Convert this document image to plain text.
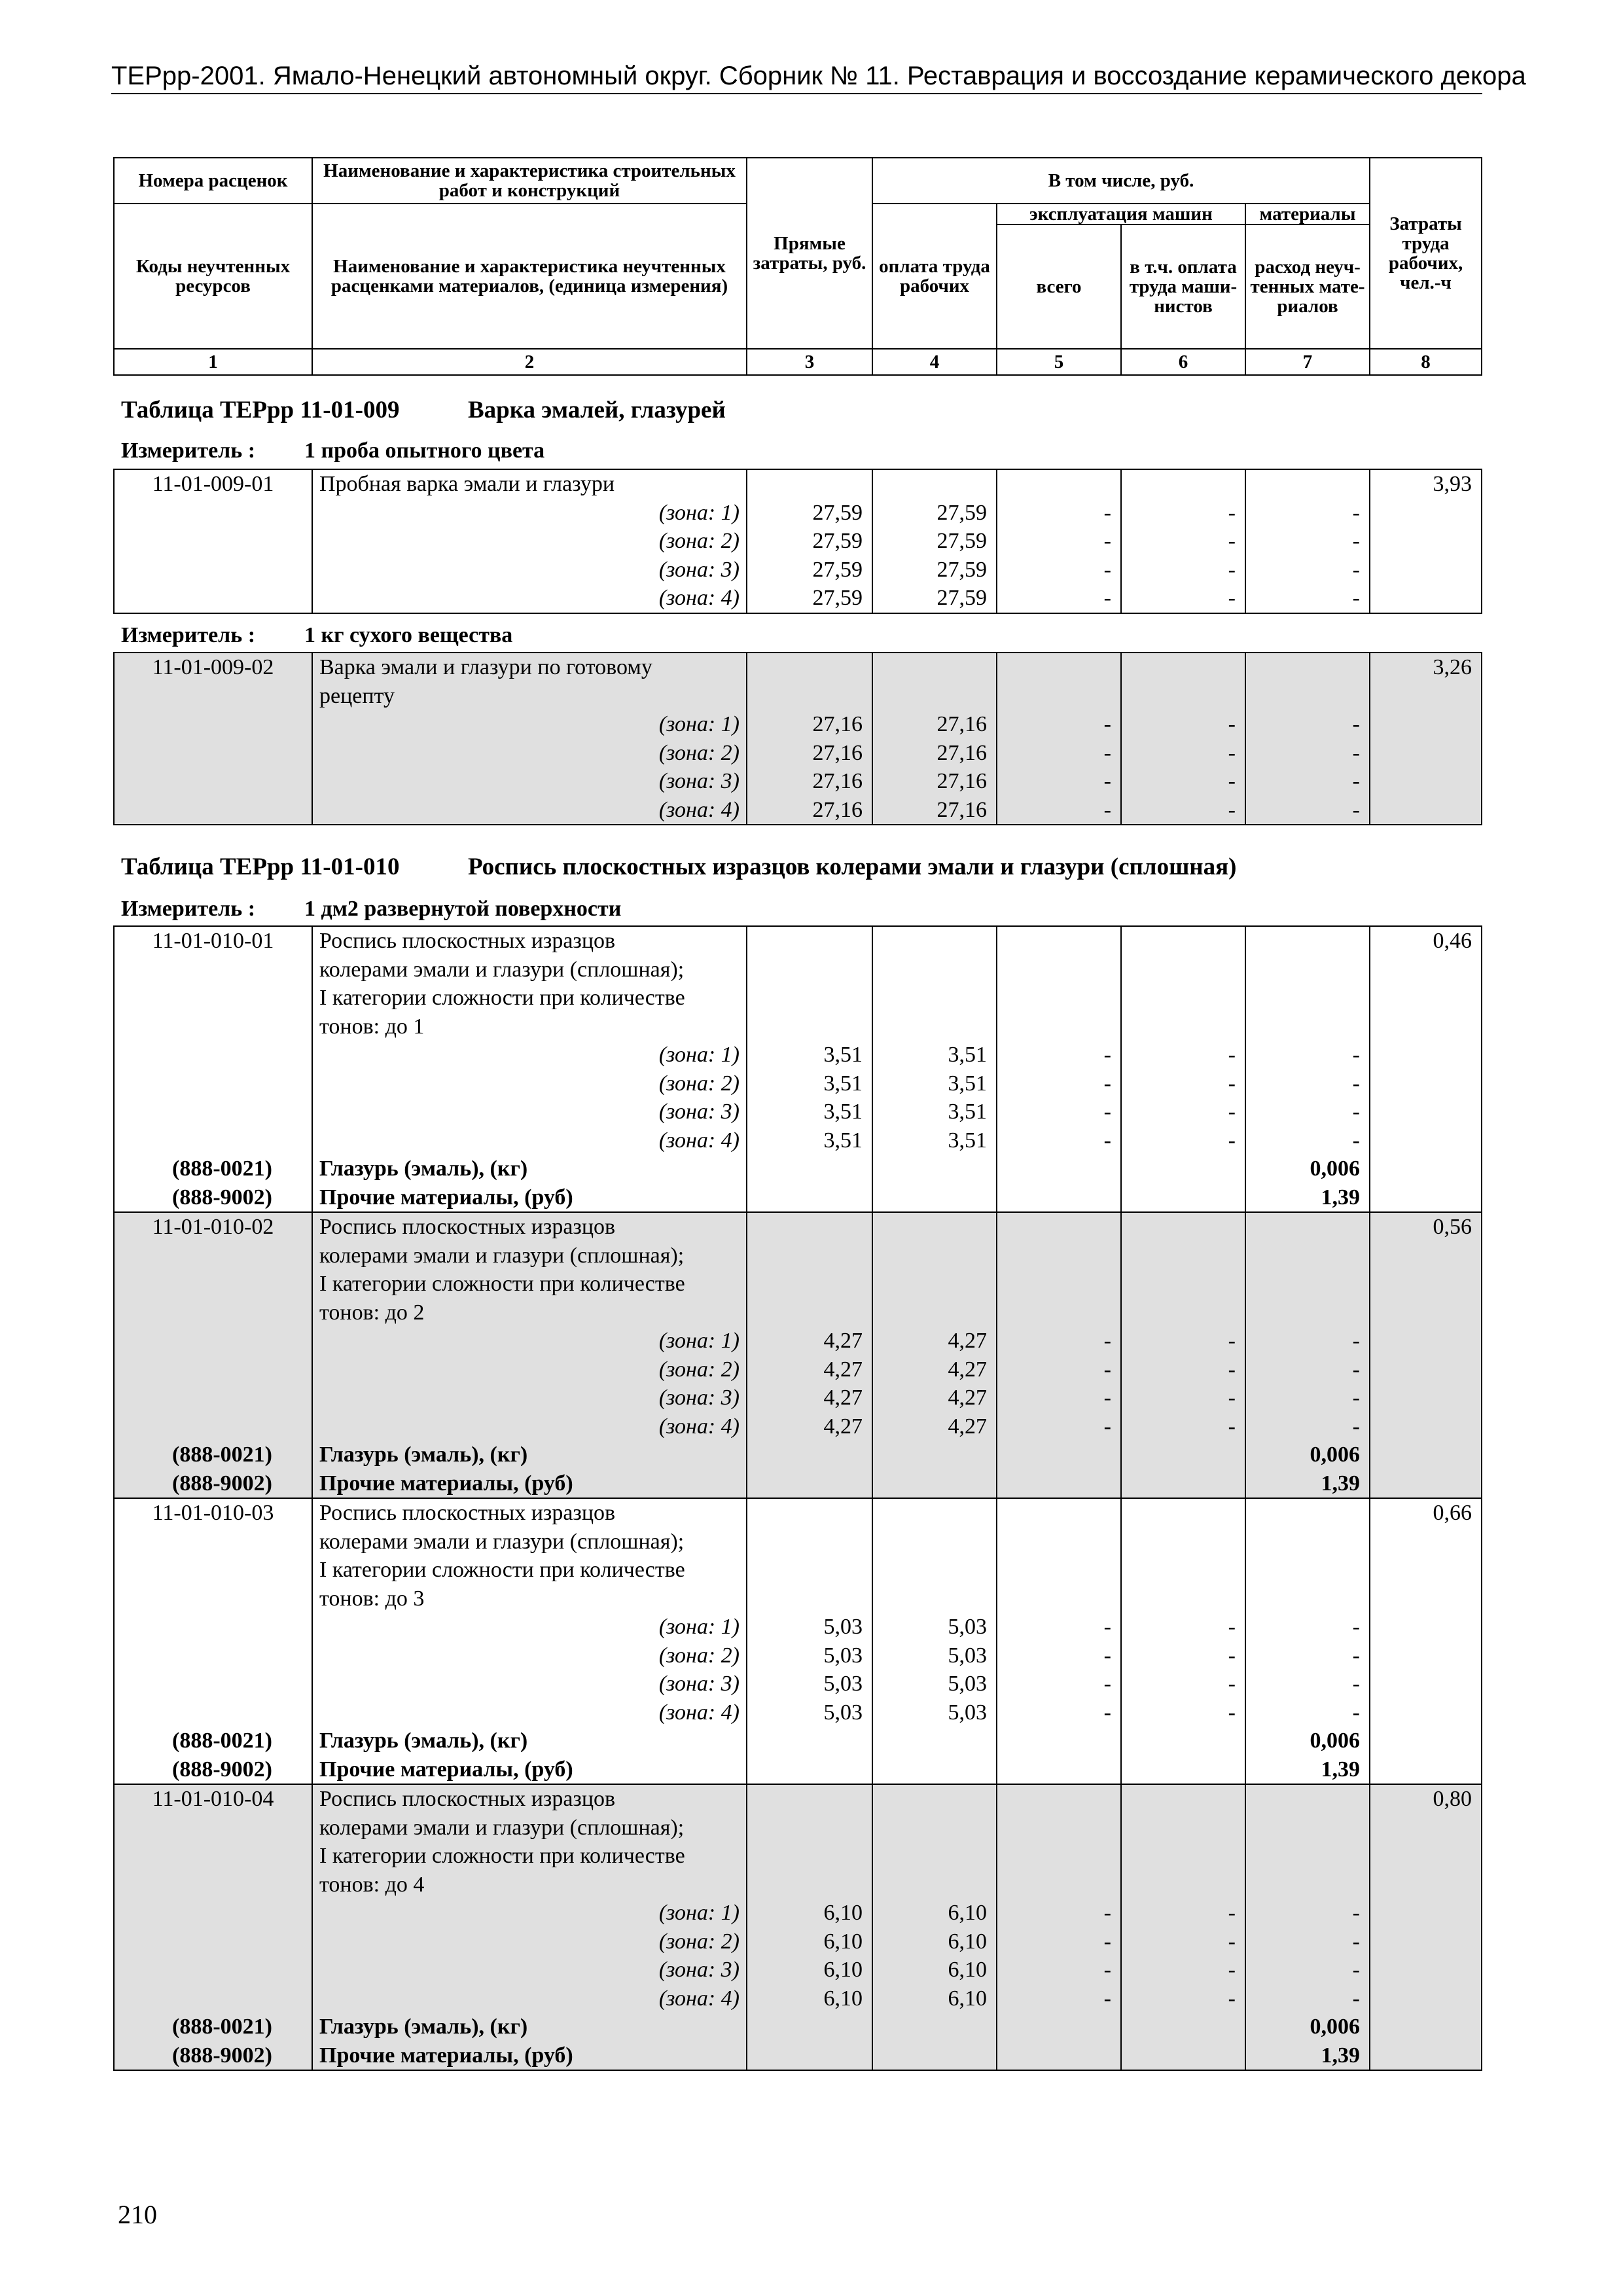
ТЕРрр-2001. Ямало-Ненецкий автономный округ. Сборник № 11. Реставрация и воссоздание керамического декора
Номера расценок	Наименование и характеристика строительных работ и конструкций	Прямые затраты, руб.	В том числе, руб.				Затраты труда рабочих, чел.-ч
Коды неучтенных ресурсов	Наименование и характеристика неучтенных расценками материалов, (единица измерения)		оплата труда рабочих	эксплуатация машин		материалы	
				всего	в т.ч. оплата труда маши-нистов	расход неуч-тенных мате-риалов	
1	2	3	4	5	6	7	8
Таблица ТЕРрр 11-01-009	Варка эмалей, глазурей
Измеритель : 1 проба опытного цвета
11-01-009-01	Пробная варка эмали и глазури						3,93
	(зона: 1)	27,59	27,59	-	-	-	
	(зона: 2)	27,59	27,59	-	-	-	
	(зона: 3)	27,59	27,59	-	-	-	
	(зона: 4)	27,59	27,59	-	-	-	
Измеритель : 1 кг сухого вещества
11-01-009-02	Варка эмали и глазури по готовому						3,26
	рецепту						
	(зона: 1)	27,16	27,16	-	-	-	
	(зона: 2)	27,16	27,16	-	-	-	
	(зона: 3)	27,16	27,16	-	-	-	
	(зона: 4)	27,16	27,16	-	-	-	
Таблица ТЕРрр 11-01-010	Роспись плоскостных изразцов колерами эмали и глазури (сплошная)
Измеритель : 1 дм2 развернутой поверхности
11-01-010-01	Роспись плоскостных изразцов						0,46
	колерами эмали и глазури (сплошная);						
	I категории сложности при количестве						
	тонов: до 1						
	(зона: 1)	3,51	3,51	-	-	-	
	(зона: 2)	3,51	3,51	-	-	-	
	(зона: 3)	3,51	3,51	-	-	-	
	(зона: 4)	3,51	3,51	-	-	-	
(888-0021)	Глазурь (эмаль), (кг)					0,006	
(888-9002)	Прочие материалы, (руб)					1,39	
11-01-010-02	Роспись плоскостных изразцов						0,56
	колерами эмали и глазури (сплошная);						
	I категории сложности при количестве						
	тонов: до 2						
	(зона: 1)	4,27	4,27	-	-	-	
	(зона: 2)	4,27	4,27	-	-	-	
	(зона: 3)	4,27	4,27	-	-	-	
	(зона: 4)	4,27	4,27	-	-	-	
(888-0021)	Глазурь (эмаль), (кг)					0,006	
(888-9002)	Прочие материалы, (руб)					1,39	
11-01-010-03	Роспись плоскостных изразцов						0,66
	колерами эмали и глазури (сплошная);						
	I категории сложности при количестве						
	тонов: до 3						
	(зона: 1)	5,03	5,03	-	-	-	
	(зона: 2)	5,03	5,03	-	-	-	
	(зона: 3)	5,03	5,03	-	-	-	
	(зона: 4)	5,03	5,03	-	-	-	
(888-0021)	Глазурь (эмаль), (кг)					0,006	
(888-9002)	Прочие материалы, (руб)					1,39	
11-01-010-04	Роспись плоскостных изразцов						0,80
	колерами эмали и глазури (сплошная);						
	I категории сложности при количестве						
	тонов: до 4						
	(зона: 1)	6,10	6,10	-	-	-	
	(зона: 2)	6,10	6,10	-	-	-	
	(зона: 3)	6,10	6,10	-	-	-	
	(зона: 4)	6,10	6,10	-	-	-	
(888-0021)	Глазурь (эмаль), (кг)					0,006	
(888-9002)	Прочие материалы, (руб)					1,39	
210
